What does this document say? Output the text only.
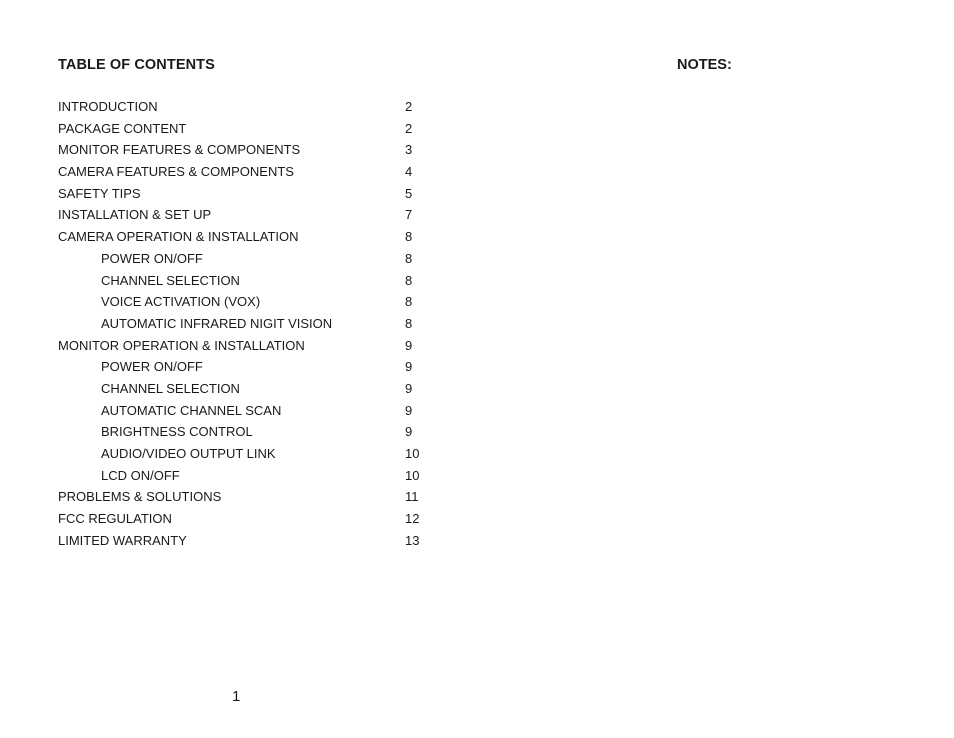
TABLE OF CONTENTS	NOTES:
INTRODUCTION	2
PACKAGE CONTENT	2
MONITOR FEATURES & COMPONENTS	3
CAMERA FEATURES & COMPONENTS	4
SAFETY TIPS	5
INSTALLATION & SET UP	7
CAMERA OPERATION & INSTALLATION	8
POWER ON/OFF	8
CHANNEL SELECTION	8
VOICE ACTIVATION (VOX)	8
AUTOMATIC INFRARED NIGIT VISION	8
MONITOR OPERATION & INSTALLATION	9
POWER ON/OFF	9
CHANNEL SELECTION	9
AUTOMATIC CHANNEL SCAN	9
BRIGHTNESS CONTROL	9
AUDIO/VIDEO OUTPUT LINK	10
LCD ON/OFF	10
PROBLEMS & SOLUTIONS	11
FCC REGULATION	12
LIMITED WARRANTY	13
1
